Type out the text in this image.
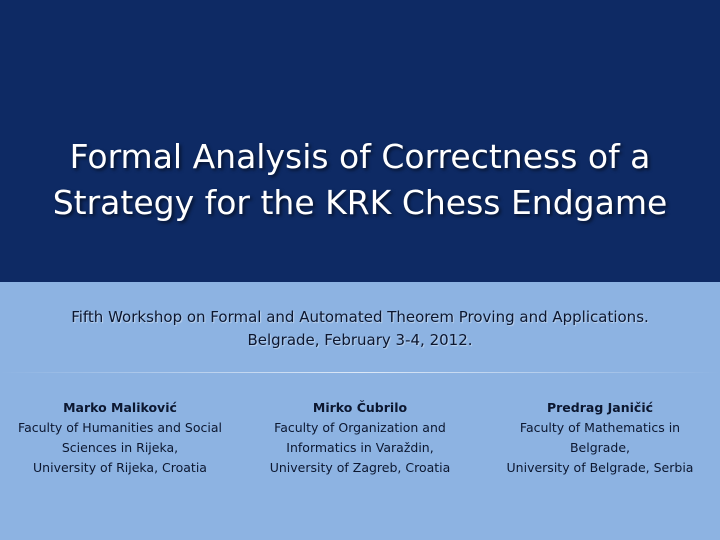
Formal Analysis of Correctness of a
Strategy for the KRK Chess Endgame
Fifth Workshop on Formal and Automated Theorem Proving and Applications.
Belgrade, February 3-4, 2012.
Marko Maliković
Faculty of Humanities and Social
Sciences in Rijeka,
University of Rijeka, Croatia
Mirko Čubrilo
Faculty of Organization and
Informatics in Varaždin,
University of Zagreb, Croatia
Predrag Janičić
Faculty of Mathematics in
Belgrade,
University of Belgrade, Serbia
